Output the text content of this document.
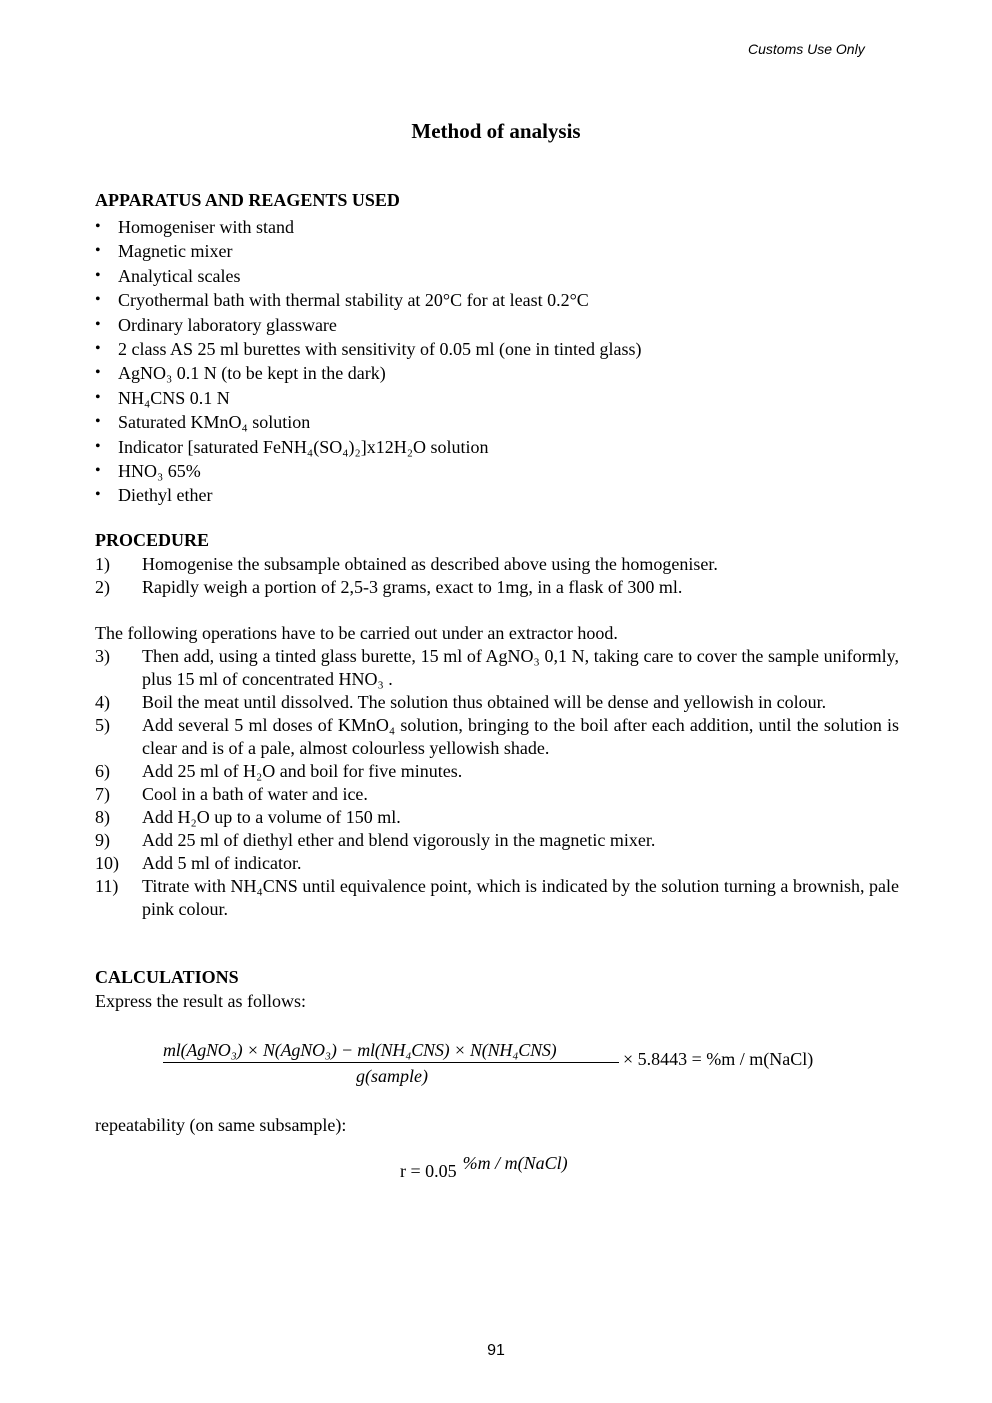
Customs Use Only
Method of analysis
APPARATUS AND REAGENTS USED
• Homogeniser with stand
• Magnetic mixer
• Analytical scales
• Cryothermal bath with thermal stability at 20°C for at least 0.2°C
• Ordinary laboratory glassware
• 2 class AS 25 ml burettes with sensitivity of 0.05 ml (one in tinted glass)
• AgNO₃ 0.1 N (to be kept in the dark)
• NH₄CNS 0.1 N
• Saturated KMnO₄ solution
• Indicator [saturated FeNH₄(SO₄)₂]x12H₂O solution
• HNO₃ 65%
• Diethyl ether
PROCEDURE
1) Homogenise the subsample obtained as described above using the homogeniser.
2) Rapidly weigh a portion of 2,5-3 grams, exact to 1mg, in a flask of 300 ml.

The following operations have to be carried out under an extractor hood.

3) Then add, using a tinted glass burette, 15 ml of AgNO₃ 0,1 N, taking care to cover the sample uniformly, plus 15 ml of concentrated HNO₃ .
4) Boil the meat until dissolved. The solution thus obtained will be dense and yellowish in colour.
5) Add several 5 ml doses of KMnO₄ solution, bringing to the boil after each addition, until the solution is clear and is of a pale, almost colourless yellowish shade.
6) Add 25 ml of H₂O and boil for five minutes.
7) Cool in a bath of water and ice.
8) Add H₂O up to a volume of 150 ml.
9) Add 25 ml of diethyl ether and blend vigorously in the magnetic mixer.
10) Add 5 ml of indicator.
11) Titrate with NH₄CNS until equivalence point, which is indicated by the solution turning a brownish, pale pink colour.
CALCULATIONS

Express the result as follows:

ml(AgNO₃) × N(AgNO₃) − ml(NH₄CNS) × N(NH₄CNS)
g(sample)
× 5.8443 = %m / m(NaCl)

repeatability (on same subsample):

r = 0.05 %m / m(NaCl)
91
